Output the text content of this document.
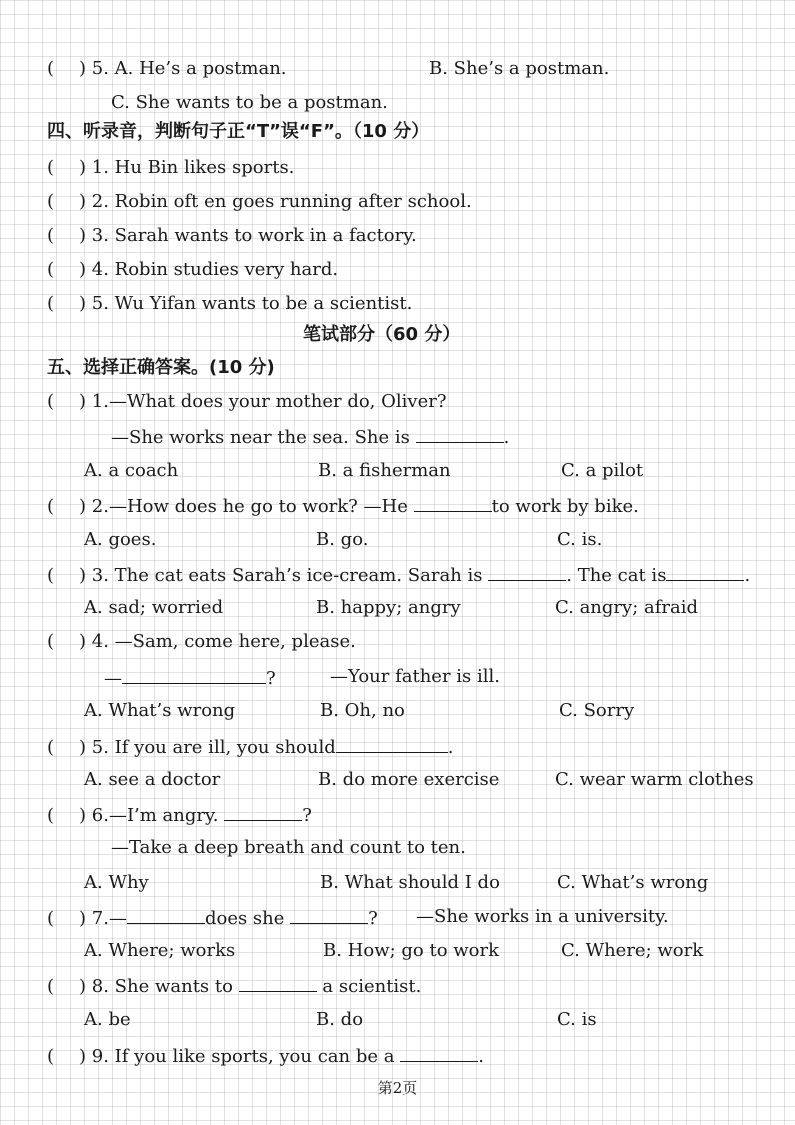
( ) 5. A. He’s a postman.	B. She’s a postman.
C. She wants to be a postman.
四、听录音，判断句子正“T”误“F”。（10 分）
( ) 1. Hu Bin likes sports.
( ) 2. Robin oft en goes running after school.
( ) 3. Sarah wants to work in a factory.
( ) 4. Robin studies very hard.
( ) 5. Wu Yifan wants to be a scientist.
笔试部分（60 分）
五、选择正确答案。(10 分)
( ) 1.—What does your mother do, Oliver?
—She works near the sea. She is	.
A. a coach	B. a fisherman	C. a pilot
( ) 2.—How does he go to work? —He	to work by bike.
A. goes.	B. go.	C. is.
( ) 3. The cat eats Sarah’s ice-cream. Sarah is	. The cat is	.
A. sad; worried	B. happy; angry	C. angry; afraid
( ) 4. —Sam, come here, please.
—	?	—Your father is ill.
A. What’s wrong	B. Oh, no	C. Sorry
( ) 5. If you are ill, you should	.
A. see a doctor	B. do more exercise	C. wear warm clothes
( ) 6.—I’m angry.	?
—Take a deep breath and count to ten.
A. Why	B. What should I do	C. What’s wrong
( ) 7.—	does she	? —She works in a university.
A. Where; works	B. How; go to work	C. Where; work
( ) 8. She wants to	a scientist.
A. be	B. do	C. is
( ) 9. If you like sports, you can be a	.
第2页
